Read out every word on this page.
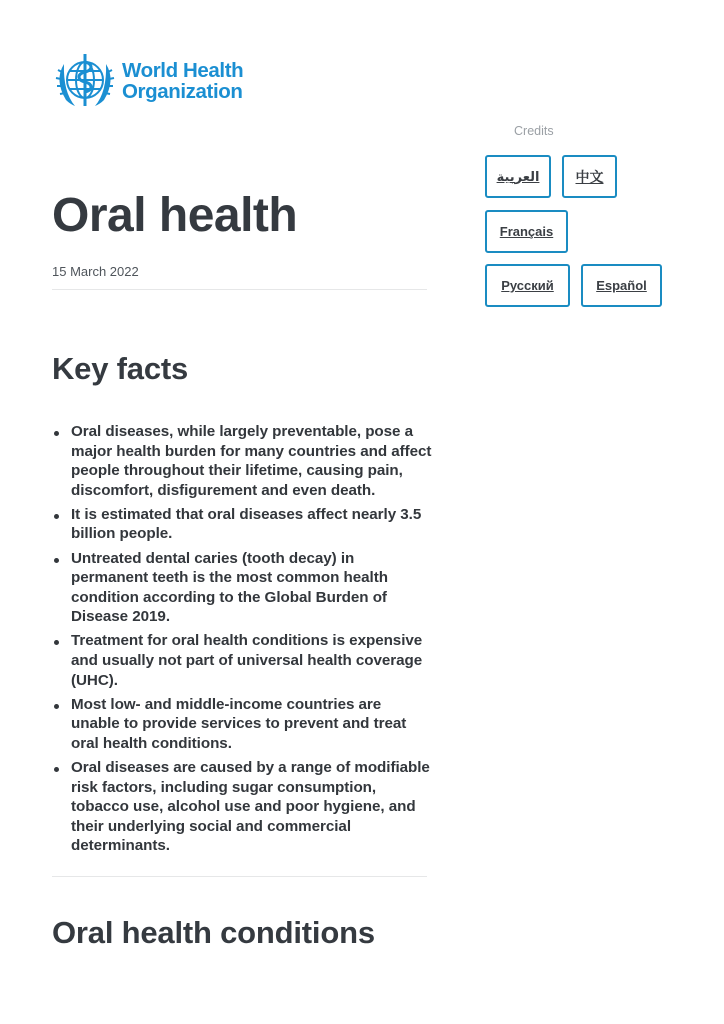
World Health
Organization
Oral health
15 March 2022
Key facts
Oral diseases, while largely preventable, pose a major health burden for many countries and affect people throughout their lifetime, causing pain, discomfort, disfigurement and even death.
It is estimated that oral diseases affect nearly 3.5 billion people.
Untreated dental caries (tooth decay) in permanent teeth is the most common health condition according to the Global Burden of Disease 2019.
Treatment for oral health conditions is expensive and usually not part of universal health coverage (UHC).
Most low- and middle-income countries are unable to provide services to prevent and treat oral health conditions.
Oral diseases are caused by a range of modifiable risk factors, including sugar consumption, tobacco use, alcohol use and poor hygiene, and their underlying social and commercial determinants.
Oral health conditions
Credits
العربية	中文
Français
Русский	Español
